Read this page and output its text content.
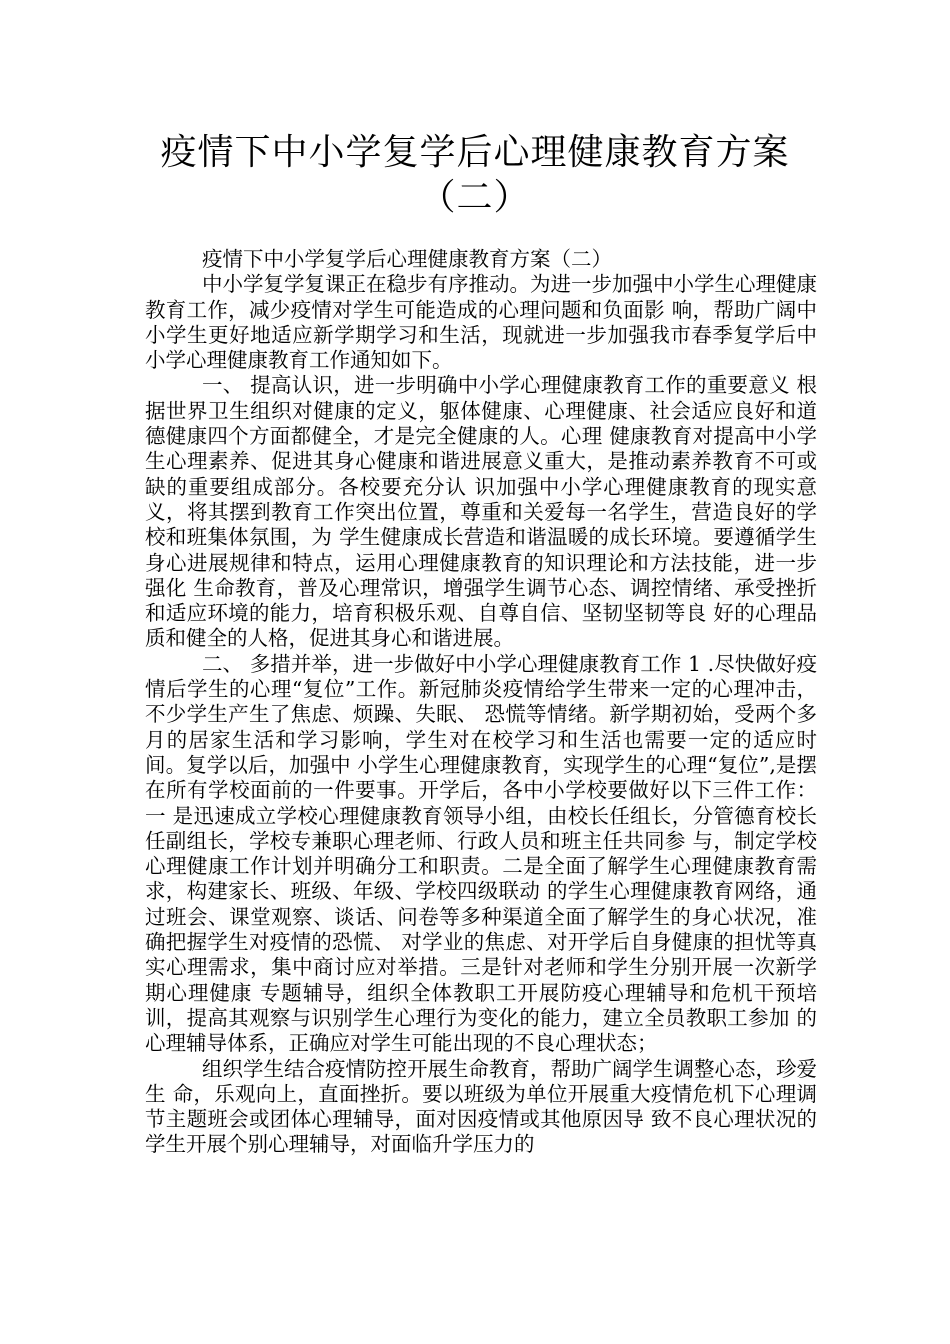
疫情下中小学复学后心理健康教育方案
（二）

疫情下中小学复学后心理健康教育方案（二）

中小学复学复课正在稳步有序推动。为进一步加强中小学生心理健康教育工作，减少疫情对学生可能造成的心理问题和负面影 响，帮助广阔中小学生更好地适应新学期学习和生活，现就进一步加强我市春季复学后中小学心理健康教育工作通知如下。

一、 提高认识，进一步明确中小学心理健康教育工作的重要意义 根据世界卫生组织对健康的定义，躯体健康、心理健康、社会适应良好和道德健康四个方面都健全，才是完全健康的人。心理 健康教育对提高中小学生心理素养、促进其身心健康和谐进展意义重大，是推动素养教育不可或缺的重要组成部分。各校要充分认 识加强中小学心理健康教育的现实意义，将其摆到教育工作突出位置，尊重和关爱每一名学生，营造良好的学校和班集体氛围，为 学生健康成长营造和谐温暖的成长环境。要遵循学生身心进展规律和特点，运用心理健康教育的知识理论和方法技能，进一步强化 生命教育，普及心理常识，增强学生调节心态、调控情绪、承受挫折和适应环境的能力，培育积极乐观、自尊自信、坚韧坚韧等良 好的心理品质和健全的人格，促进其身心和谐进展。

二、 多措并举，进一步做好中小学心理健康教育工作 1 .尽快做好疫情后学生的心理“复位”工作。新冠肺炎疫情给学生带来一定的心理冲击，不少学生产生了焦虑、烦躁、失眠、 恐慌等情绪。新学期初始，受两个多月的居家生活和学习影响，学生对在校学习和生活也需要一定的适应时间。复学以后，加强中 小学生心理健康教育，实现学生的心理“复位”,是摆在所有学校面前的一件要事。开学后，各中小学校要做好以下三件工作：一 是迅速成立学校心理健康教育领导小组，由校长任组长，分管德育校长任副组长，学校专兼职心理老师、行政人员和班主任共同参 与，制定学校心理健康工作计划并明确分工和职责。二是全面了解学生心理健康教育需求，构建家长、班级、年级、学校四级联动 的学生心理健康教育网络，通过班会、课堂观察、谈话、问卷等多种渠道全面了解学生的身心状况，准确把握学生对疫情的恐慌、 对学业的焦虑、对开学后自身健康的担忧等真实心理需求，集中商讨应对举措。三是针对老师和学生分别开展一次新学期心理健康 专题辅导，组织全体教职工开展防疫心理辅导和危机干预培训，提高其观察与识别学生心理行为变化的能力，建立全员教职工参加 的心理辅导体系，正确应对学生可能出现的不良心理状态；

组织学生结合疫情防控开展生命教育，帮助广阔学生调整心态，珍爱生 命，乐观向上，直面挫折。要以班级为单位开展重大疫情危机下心理调节主题班会或团体心理辅导，面对因疫情或其他原因导 致不良心理状况的学生开展个别心理辅导，对面临升学压力的
